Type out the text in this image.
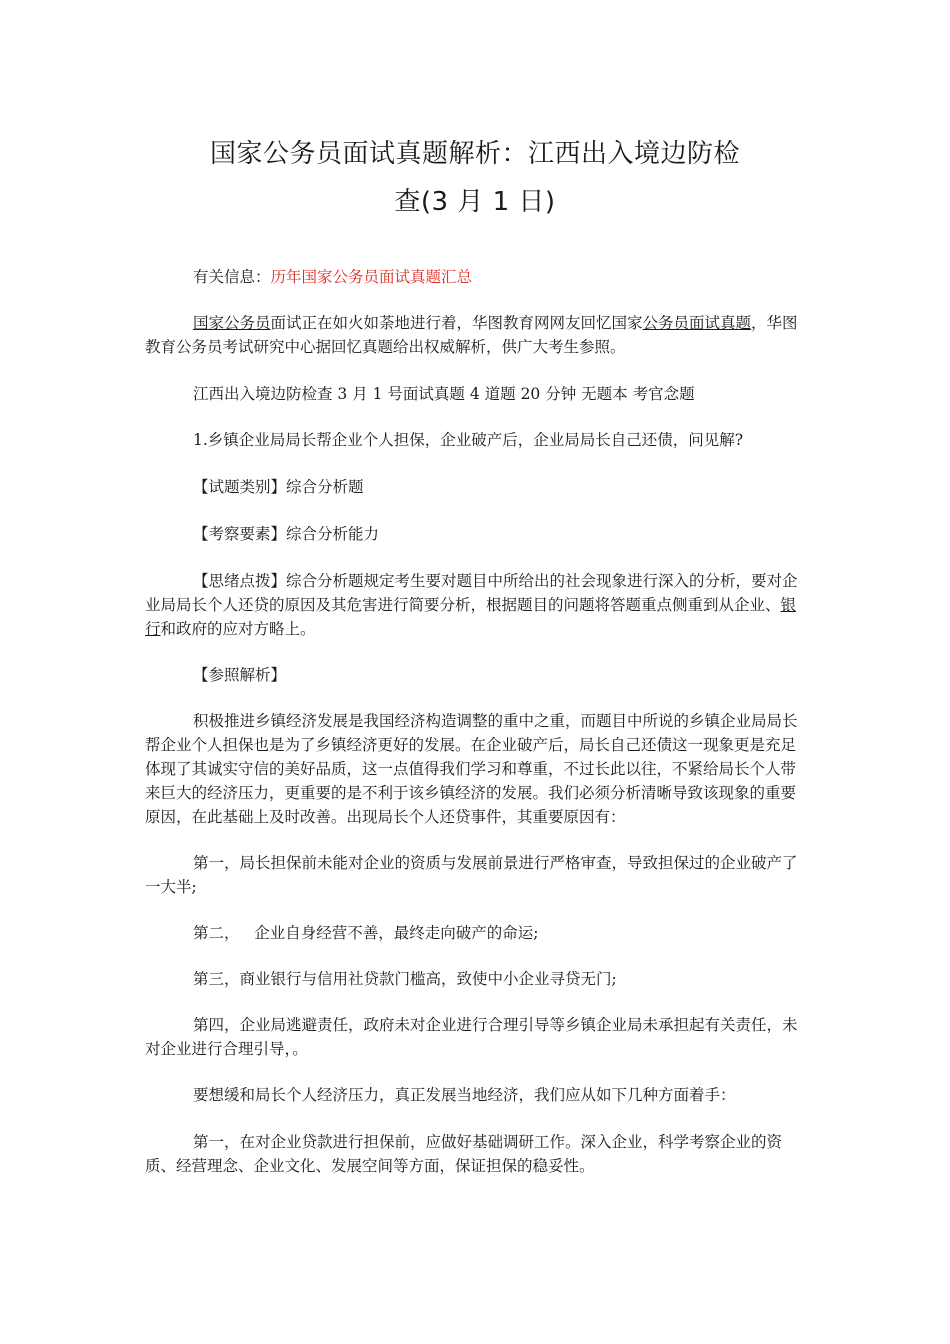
国家公务员面试真题解析：江西出入境边防检
查(3 月 1 日)

有关信息：历年国家公务员面试真题汇总

国家公务员面试正在如火如荼地进行着，华图教育网网友回忆国家公务员面试真题，华图教育公务员考试研究中心据回忆真题给出权威解析，供广大考生参照。

江西出入境边防检查 3 月 1 号面试真题 4 道题 20 分钟 无题本 考官念题

1.乡镇企业局局长帮企业个人担保，企业破产后，企业局局长自己还债，问见解?

【试题类别】综合分析题

【考察要素】综合分析能力

【思绪点拨】综合分析题规定考生要对题目中所给出的社会现象进行深入的分析，要对企业局局长个人还贷的原因及其危害进行简要分析，根据题目的问题将答题重点侧重到从企业、银行和政府的应对方略上。

【参照解析】

积极推进乡镇经济发展是我国经济构造调整的重中之重，而题目中所说的乡镇企业局局长帮企业个人担保也是为了乡镇经济更好的发展。在企业破产后，局长自己还债这一现象更是充足体现了其诚实守信的美好品质，这一点值得我们学习和尊重，不过长此以往，不紧给局长个人带来巨大的经济压力，更重要的是不利于该乡镇经济的发展。我们必须分析清晰导致该现象的重要原因，在此基础上及时改善。出现局长个人还贷事件，其重要原因有：

第一，局长担保前未能对企业的资质与发展前景进行严格审查，导致担保过的企业破产了一大半;

第二，   企业自身经营不善，最终走向破产的命运;

第三，商业银行与信用社贷款门槛高，致使中小企业寻贷无门;

第四，企业局逃避责任，政府未对企业进行合理引导等乡镇企业局未承担起有关责任，未对企业进行合理引导，。

要想缓和局长个人经济压力，真正发展当地经济，我们应从如下几种方面着手：

第一，在对企业贷款进行担保前，应做好基础调研工作。深入企业，科学考察企业的资质、经营理念、企业文化、发展空间等方面，保证担保的稳妥性。
